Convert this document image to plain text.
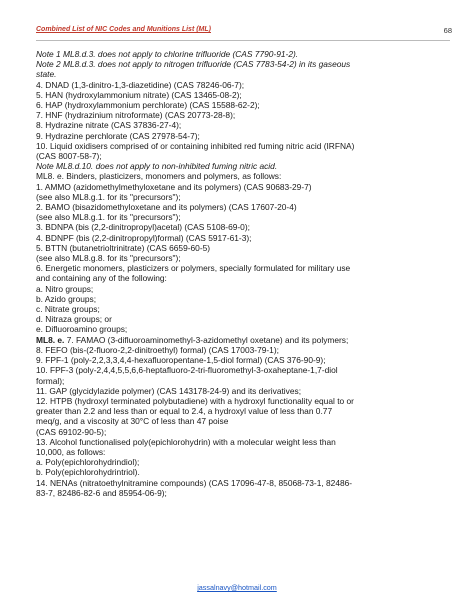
Combined List of NIC Codes and Munitions List (ML)	68
Note 1 ML8.d.3. does not apply to chlorine trifluoride (CAS 7790-91-2).
Note 2 ML8.d.3. does not apply to nitrogen trifluoride (CAS 7783-54-2) in its gaseous
state.
4. DNAD (1,3-dinitro-1,3-diazetidine) (CAS 78246-06-7);
5. HAN (hydroxylammonium nitrate) (CAS 13465-08-2);
6. HAP (hydroxylammonium perchlorate) (CAS 15588-62-2);
7. HNF (hydrazinium nitroformate) (CAS 20773-28-8);
8. Hydrazine nitrate (CAS 37836-27-4);
9. Hydrazine perchlorate (CAS 27978-54-7);
10. Liquid oxidisers comprised of or containing inhibited red fuming nitric acid (IRFNA)
(CAS 8007-58-7);
Note ML8.d.10. does not apply to non-inhibited fuming nitric acid.
ML8. e. Binders, plasticizers, monomers and polymers, as follows:
1. AMMO (azidomethylmethyloxetane and its polymers) (CAS 90683-29-7)
(see also ML8.g.1. for its "precursors");
2. BAMO (bisazidomethyloxetane and its polymers) (CAS 17607-20-4)
(see also ML8.g.1. for its "precursors");
3. BDNPA (bis (2,2-dinitropropyl)acetal) (CAS 5108-69-0);
4. BDNPF (bis (2,2-dinitropropyl)formal) (CAS 5917-61-3);
5. BTTN (butanetrioltrinitrate) (CAS 6659-60-5)
(see also ML8.g.8. for its "precursors");
6. Energetic monomers, plasticizers or polymers, specially formulated for military use
and containing any of the following:
a. Nitro groups;
b. Azido groups;
c. Nitrate groups;
d. Nitraza groups; or
e. Difluoroamino groups;
ML8. e. 7. FAMAO (3-difluoroaminomethyl-3-azidomethyl oxetane) and its polymers;
8. FEFO (bis-(2-fluoro-2,2-dinitroethyl) formal) (CAS 17003-79-1);
9. FPF-1 (poly-2,2,3,3,4,4-hexafluoropentane-1,5-diol formal) (CAS 376-90-9);
10. FPF-3 (poly-2,4,4,5,5,6,6-heptafluoro-2-tri-fluoromethyl-3-oxaheptane-1,7-diol
formal);
11. GAP (glycidylazide polymer) (CAS 143178-24-9) and its derivatives;
12. HTPB (hydroxyl terminated polybutadiene) with a hydroxyl functionality equal to or
greater than 2.2 and less than or equal to 2.4, a hydroxyl value of less than 0.77
meq/g, and a viscosity at 30°C of less than 47 poise
(CAS 69102-90-5);
13. Alcohol functionalised poly(epichlorohydrin) with a molecular weight less than
10,000, as follows:
a. Poly(epichlorohydrindiol);
b. Poly(epichlorohydrintriol).
14. NENAs (nitratoethylnitramine compounds) (CAS 17096-47-8, 85068-73-1, 82486-
83-7, 82486-82-6 and 85954-06-9);
jassalnavy@hotmail.com
